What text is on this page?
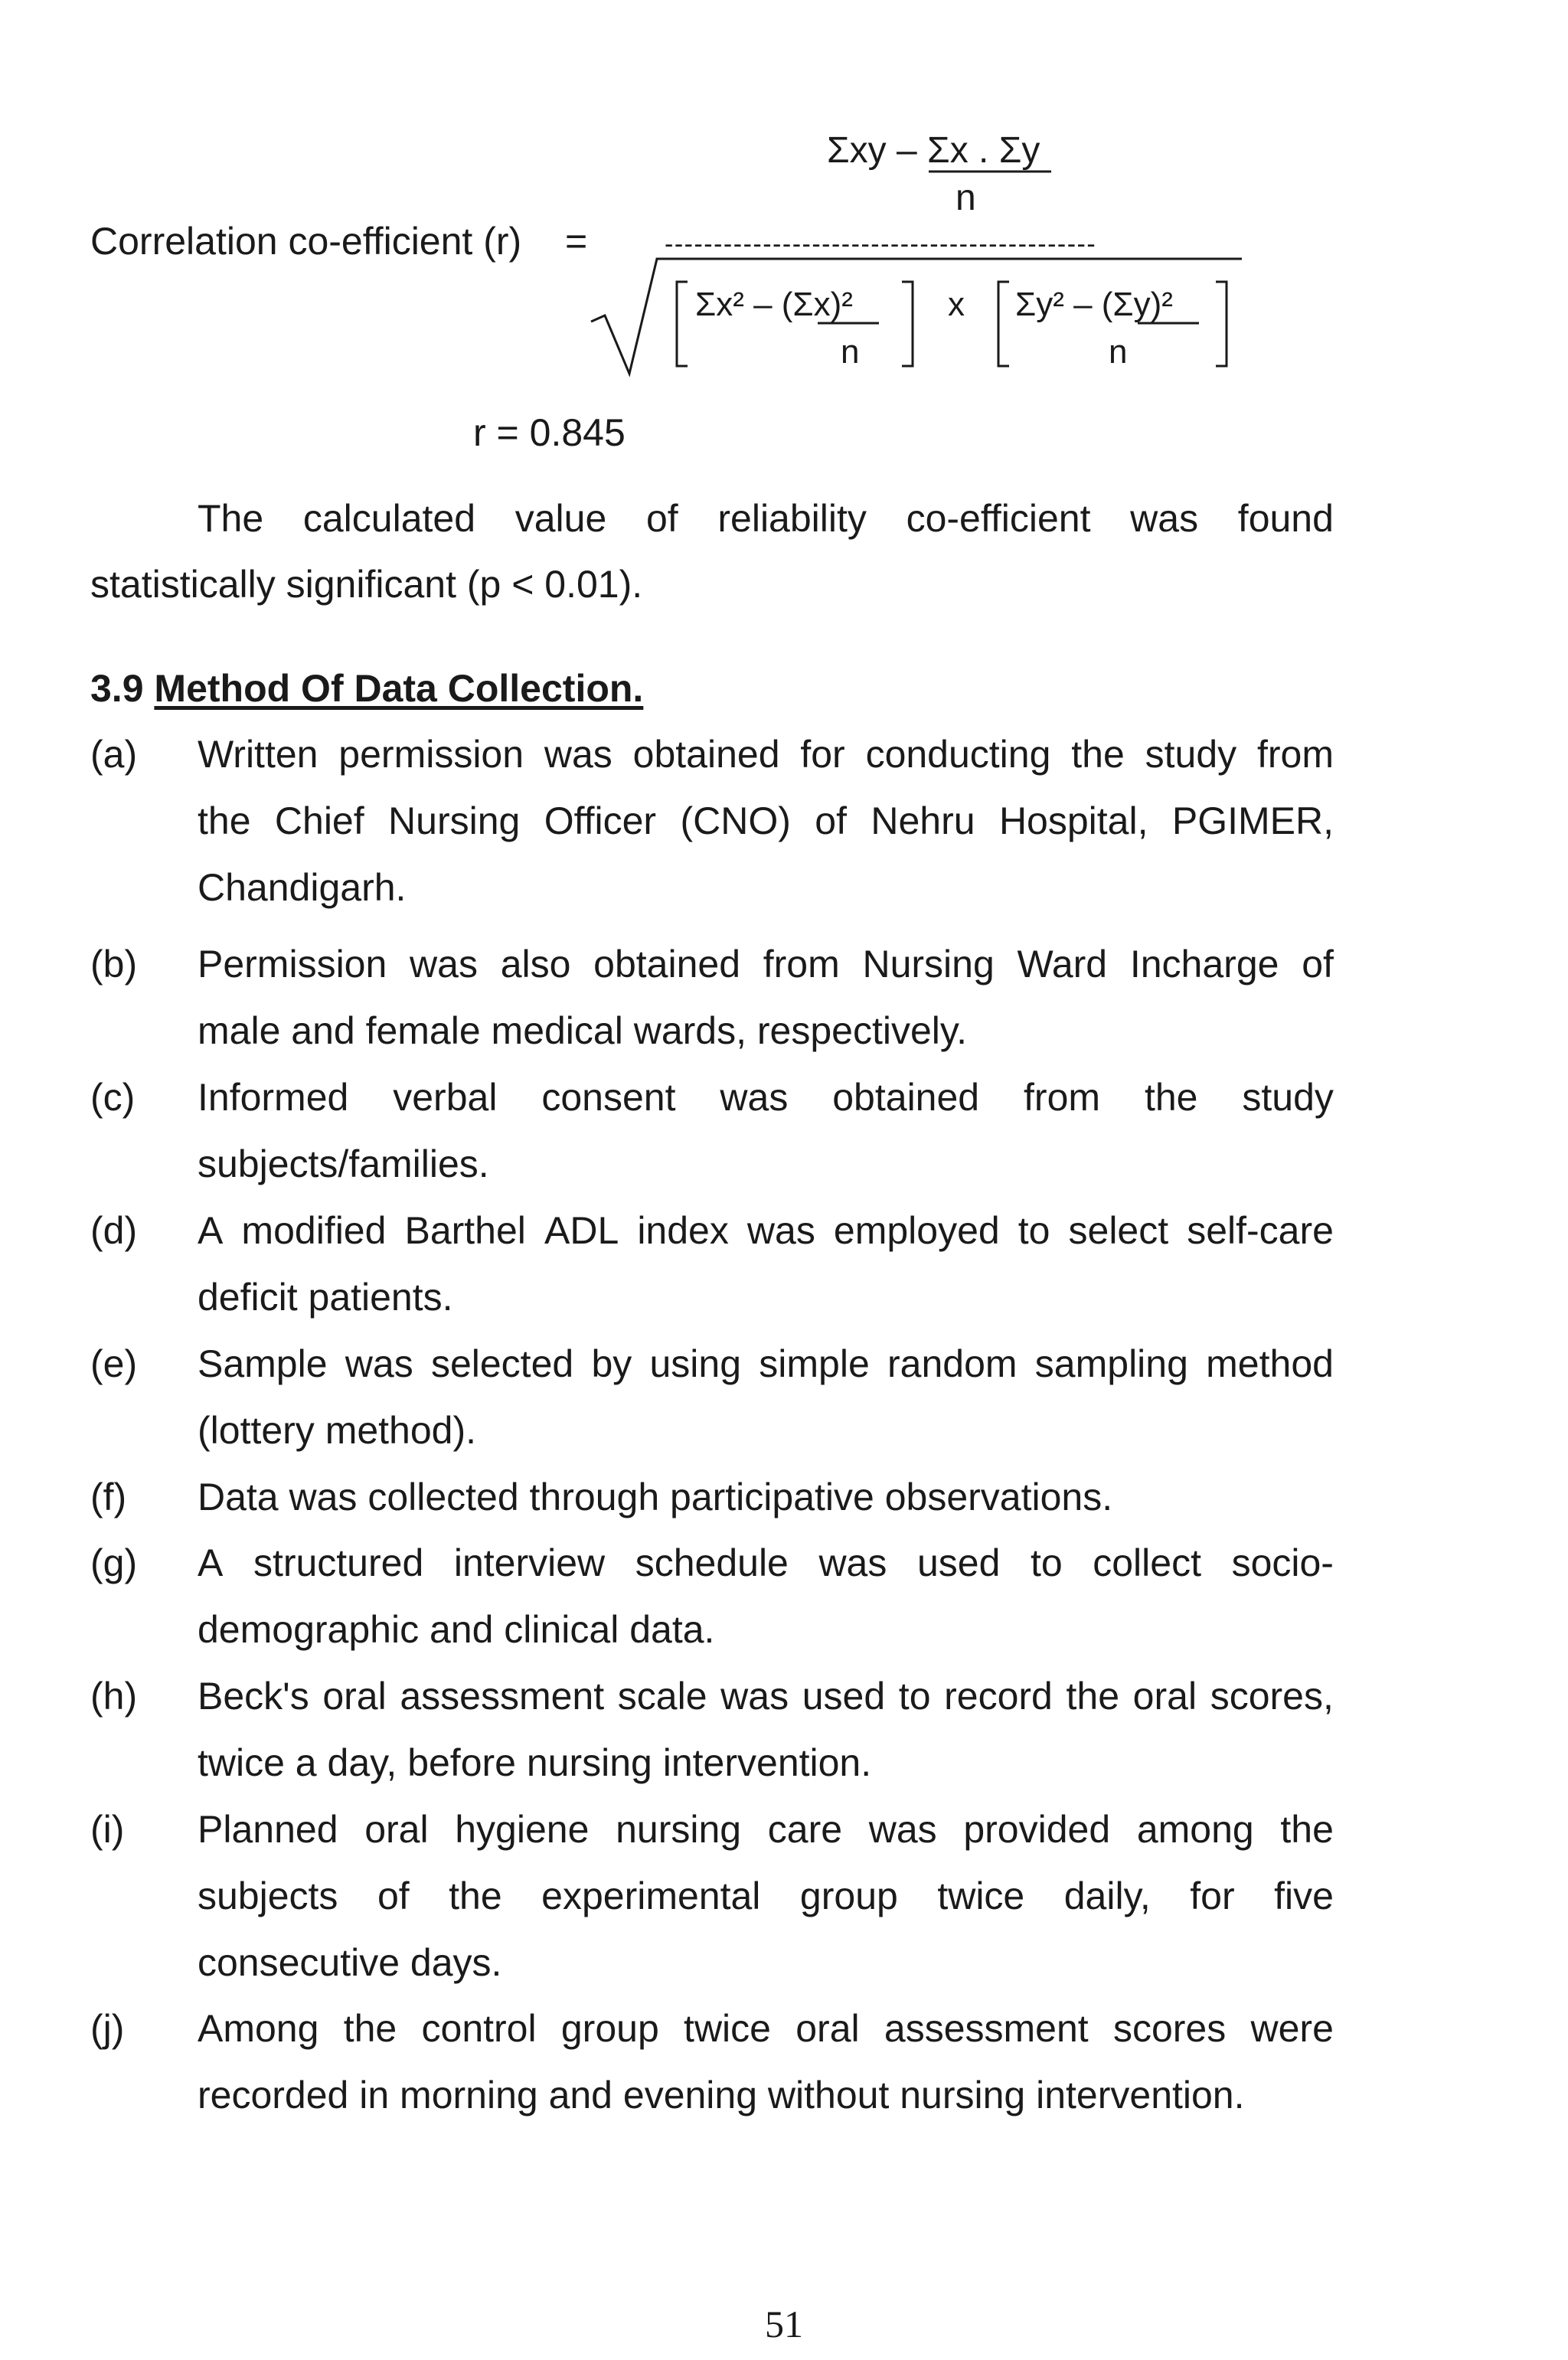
Σxy – Σx . Σy
n
Correlation co-efficient (r) =	--------------------------------------------
Σx² – (Σx)²
n
x Σy² – (Σy)²
n
r = 0.845
The calculated value of reliability co-efficient was found
statistically significant (p < 0.01).
3.9 Method Of Data Collection.
(a) Written permission was obtained for conducting the study from
the Chief Nursing Officer (CNO) of Nehru Hospital, PGIMER,
Chandigarh.
(b) Permission was also obtained from Nursing Ward Incharge of
male and female medical wards, respectively.
(c) Informed verbal consent was obtained from the study
subjects/families.
(d) A modified Barthel ADL index was employed to select self-care
deficit patients.
(e) Sample was selected by using simple random sampling method
(lottery method).
(f) Data was collected through participative observations.
(g) A structured interview schedule was used to collect socio-
demographic and clinical data.
(h) Beck's oral assessment scale was used to record the oral scores,
twice a day, before nursing intervention.
(i) Planned oral hygiene nursing care was provided among the
subjects of the experimental group twice daily, for five
consecutive days.
(j) Among the control group twice oral assessment scores were
recorded in morning and evening without nursing intervention.
51
